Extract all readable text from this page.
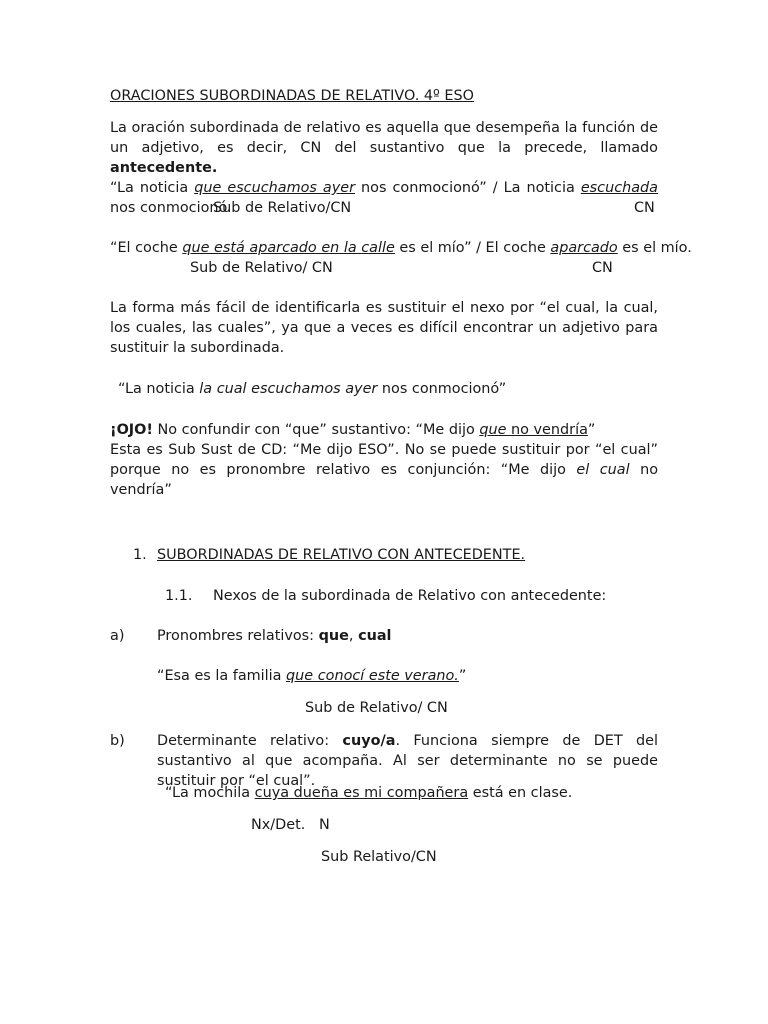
ORACIONES SUBORDINADAS DE RELATIVO. 4º ESO
La oración subordinada de relativo es aquella que desempeña la función de un adjetivo, es decir, CN del sustantivo que la precede, llamado antecedente.
“La noticia que escuchamos ayer nos conmocionó” / La noticia escuchada nos conmocionó.
Sub de Relativo/CN	CN
“El coche que está aparcado en la calle es el mío” / El coche aparcado es el mío.
Sub de Relativo/ CN	CN
La forma más fácil de identificarla es sustituir el nexo por “el cual, la cual, los cuales, las cuales”, ya que a veces es difícil encontrar un adjetivo para sustituir la subordinada.
“La noticia la cual escuchamos ayer nos conmocionó”
¡OJO! No confundir con “que” sustantivo: “Me dijo que no vendría”
Esta es Sub Sust de CD: “Me dijo ESO”. No se puede sustituir por “el cual” porque no es pronombre relativo es conjunción: “Me dijo el cual no vendría”
1. SUBORDINADAS DE RELATIVO CON ANTECEDENTE.
1.1. Nexos de la subordinada de Relativo con antecedente:
a) Pronombres relativos: que, cual
“Esa es la familia que conocí este verano.”
Sub de Relativo/ CN
b) Determinante relativo: cuyo/a. Funciona siempre de DET del sustantivo al que acompaña. Al ser determinante no se puede sustituir por “el cual”.
“La mochila cuya dueña es mi compañera está en clase.
Nx/Det.   N
Sub Relativo/CN
